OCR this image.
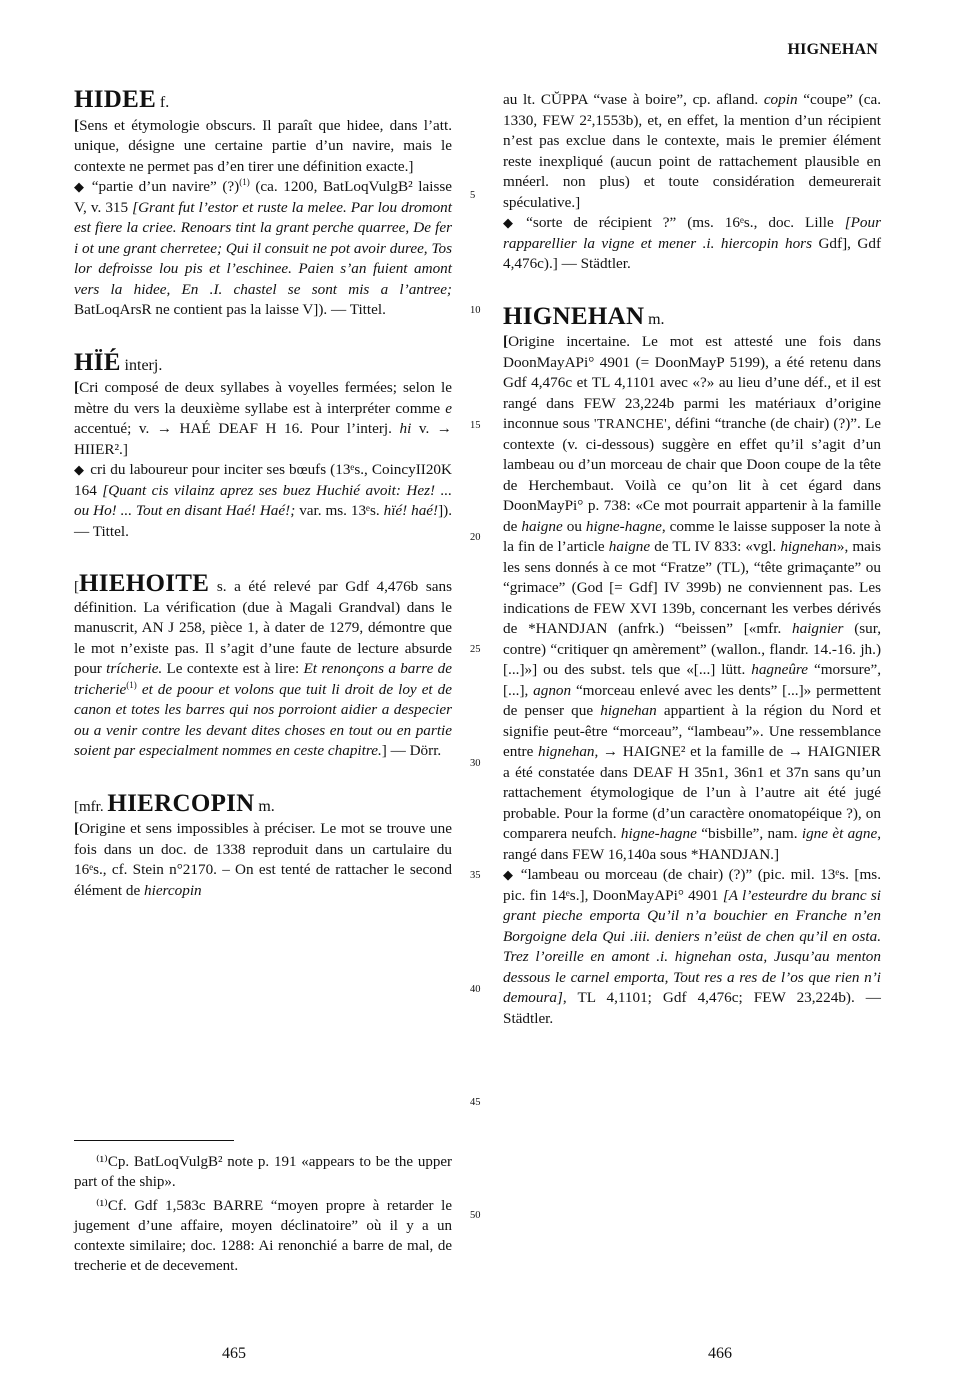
HIGNEHAN
HIDEE f.

[Sens et étymologie obscurs. Il paraît que hidee, dans l’att. unique, désigne une certaine partie d’un navire, mais le contexte ne permet pas d’en tirer une définition exacte.]

◆ “partie d’un navire” (?)$^{(1)}$ (ca. 1200, BatLoqVulgB² laisse V, v. 315 [Grant fut l’estor et ruste la melee. Par lou dromont est fiere la criee. Renoars tint la grant perche quarree, De fer i ot une grant cherretee; Qui il consuit ne pot avoir duree, Tos lor defroisse lou pis et l’eschinee. Paien s’an fuient amont vers la hidee, En .I. chastel se sont mis a l’antree; BatLoqArsR ne contient pas la laisse V]). — Tittel.

HÏÉ interj.

[Cri composé de deux syllabes à voyelles fermées; selon le mètre du vers la deuxième syllabe est à interpréter comme e accentué; v. → HAÉ DEAF H 16. Pour l’interj. hi v. → HIIER².]

◆ cri du laboureur pour inciter ses bœufs (13ᵉs., CoincyII20K 164 [Quant cis vilainz aprez ses buez Huchié avoit: Hez! ... ou Ho! ... Tout en disant Haé! Haé!; var. ms. 13ᵉs. hïé! haé!]). — Tittel.

[HIEHOITE s. a été relevé par Gdf 4,476b sans définition. La vérification (due à Magali Grandval) dans le manuscrit, AN J 258, pièce 1, à dater de 1279, démontre que le mot n’existe pas. Il s’agit d’une faute de lecture absurde pour trícherie. Le contexte est à lire: Et renonçons a barre de tricherie$^{(1)}$ et de poour et volons que tuit li droit de loy et de canon et totes les barres qui nos porroiont aidier a despecier ou a venir contre les devant dites choses en tout ou en partie soient par especialment nommes en ceste chapitre.] — Dörr.

[mfr. HIERCOPIN m.

[Origine et sens impossibles à préciser. Le mot se trouve une fois dans un doc. de 1338 reproduit dans un cartulaire du 16ᵉs., cf. Stein n°2170. – On est tenté de rattacher le second élément de hiercopin

⁽¹⁾Cp. BatLoqVulgB² note p. 191 «appears to be the upper part of the ship».

⁽¹⁾Cf. Gdf 1,583c BARRE “moyen propre à retarder le jugement d’une affaire, moyen déclinatoire” où il y a un contexte similaire; doc. 1288: Ai renonchié a barre de mal, de trecherie et de decevement.

au lt. CŬPPA “vase à boire”, cp. afland. copin “coupe” (ca. 1330, FEW 2²,1553b), et, en effet, la mention d’un récipient n’est pas exclue dans le contexte, mais le premier élément reste inexpliqué (aucun point de rattachement plausible en mnéerl. non plus) et toute considération demeurerait spéculative.]

◆ “sorte de récipient ?” (ms. 16ᵉs., doc. Lille [Pour rapparellier la vigne et mener .i. hiercopin hors Gdf], Gdf 4,476c).] — Städtler.

HIGNEHAN m.

[Origine incertaine. Le mot est attesté une fois dans DoonMayAPi° 4901 (= DoonMayP 5199), a été retenu dans Gdf 4,476c et TL 4,1101 avec «?» au lieu d’une déf., et il est rangé dans FEW 23,224b parmi les matériaux d’origine inconnue sous 'TRANCHE', défini “tranche (de chair) (?)”. Le contexte (v. ci-dessous) suggère en effet qu’il s’agit d’un lambeau ou d’un morceau de chair que Doon coupe de la tête de Herchembaut. Voilà ce qu’on lit à cet égard dans DoonMayPi° p. 738: «Ce mot pourrait appartenir à la famille de haigne ou higne-hagne, comme le laisse supposer la note à la fin de l’article haigne de TL IV 833: «vgl. hignehan», mais les sens donnés à ce mot “Fratze” (TL), “tête grimaçante” ou “grimace” (God [= Gdf] IV 399b) ne conviennent pas. Les indications de FEW XVI 139b, concernant les verbes dérivés de *HANDJAN (anfrk.) “beissen” [«mfr. haignier (sur, contre) “critiquer qn amèrement” (wallon., flandr. 14.-16. jh.) [...]»] ou des subst. tels que «[...] lütt. hagneûre “morsure”, [...], agnon “morceau enlevé avec les dents” [...]» permettent de penser que hignehan appartient à la région du Nord et signifie peut-être “morceau”, “lambeau”». Une ressemblance entre hignehan, → HAIGNE² et la famille de → HAIGNIER a été constatée dans DEAF H 35n1, 36n1 et 37n sans qu’un rattachement étymologique de l’un à l’autre ait été jugé probable. Pour la forme (d’un caractère onomatopéique ?), on comparera neufch. higne-hagne “bisbille”, nam. igne èt agne, rangé dans FEW 16,140a sous *HANDJAN.]

◆ “lambeau ou morceau (de chair) (?)” (pic. mil. 13ᵉs. [ms. pic. fin 14ᵉs.], DoonMayAPi° 4901 [A l’esteurdre du branc si grant pieche emporta Qu’il n’a bouchier en Franche n’en Borgoigne dela Qui .iii. deniers n’eüst de chen qu’il en osta. Trez l’oreille en amont .i. hignehan osta, Jusqu’au menton dessous le carnel emporta, Tout res a res de l’os que rien n’i demoura], TL 4,1101; Gdf 4,476c; FEW 23,224b). — Städtler.

5
10
15
20
25
30
35
40
45
50
465	466
